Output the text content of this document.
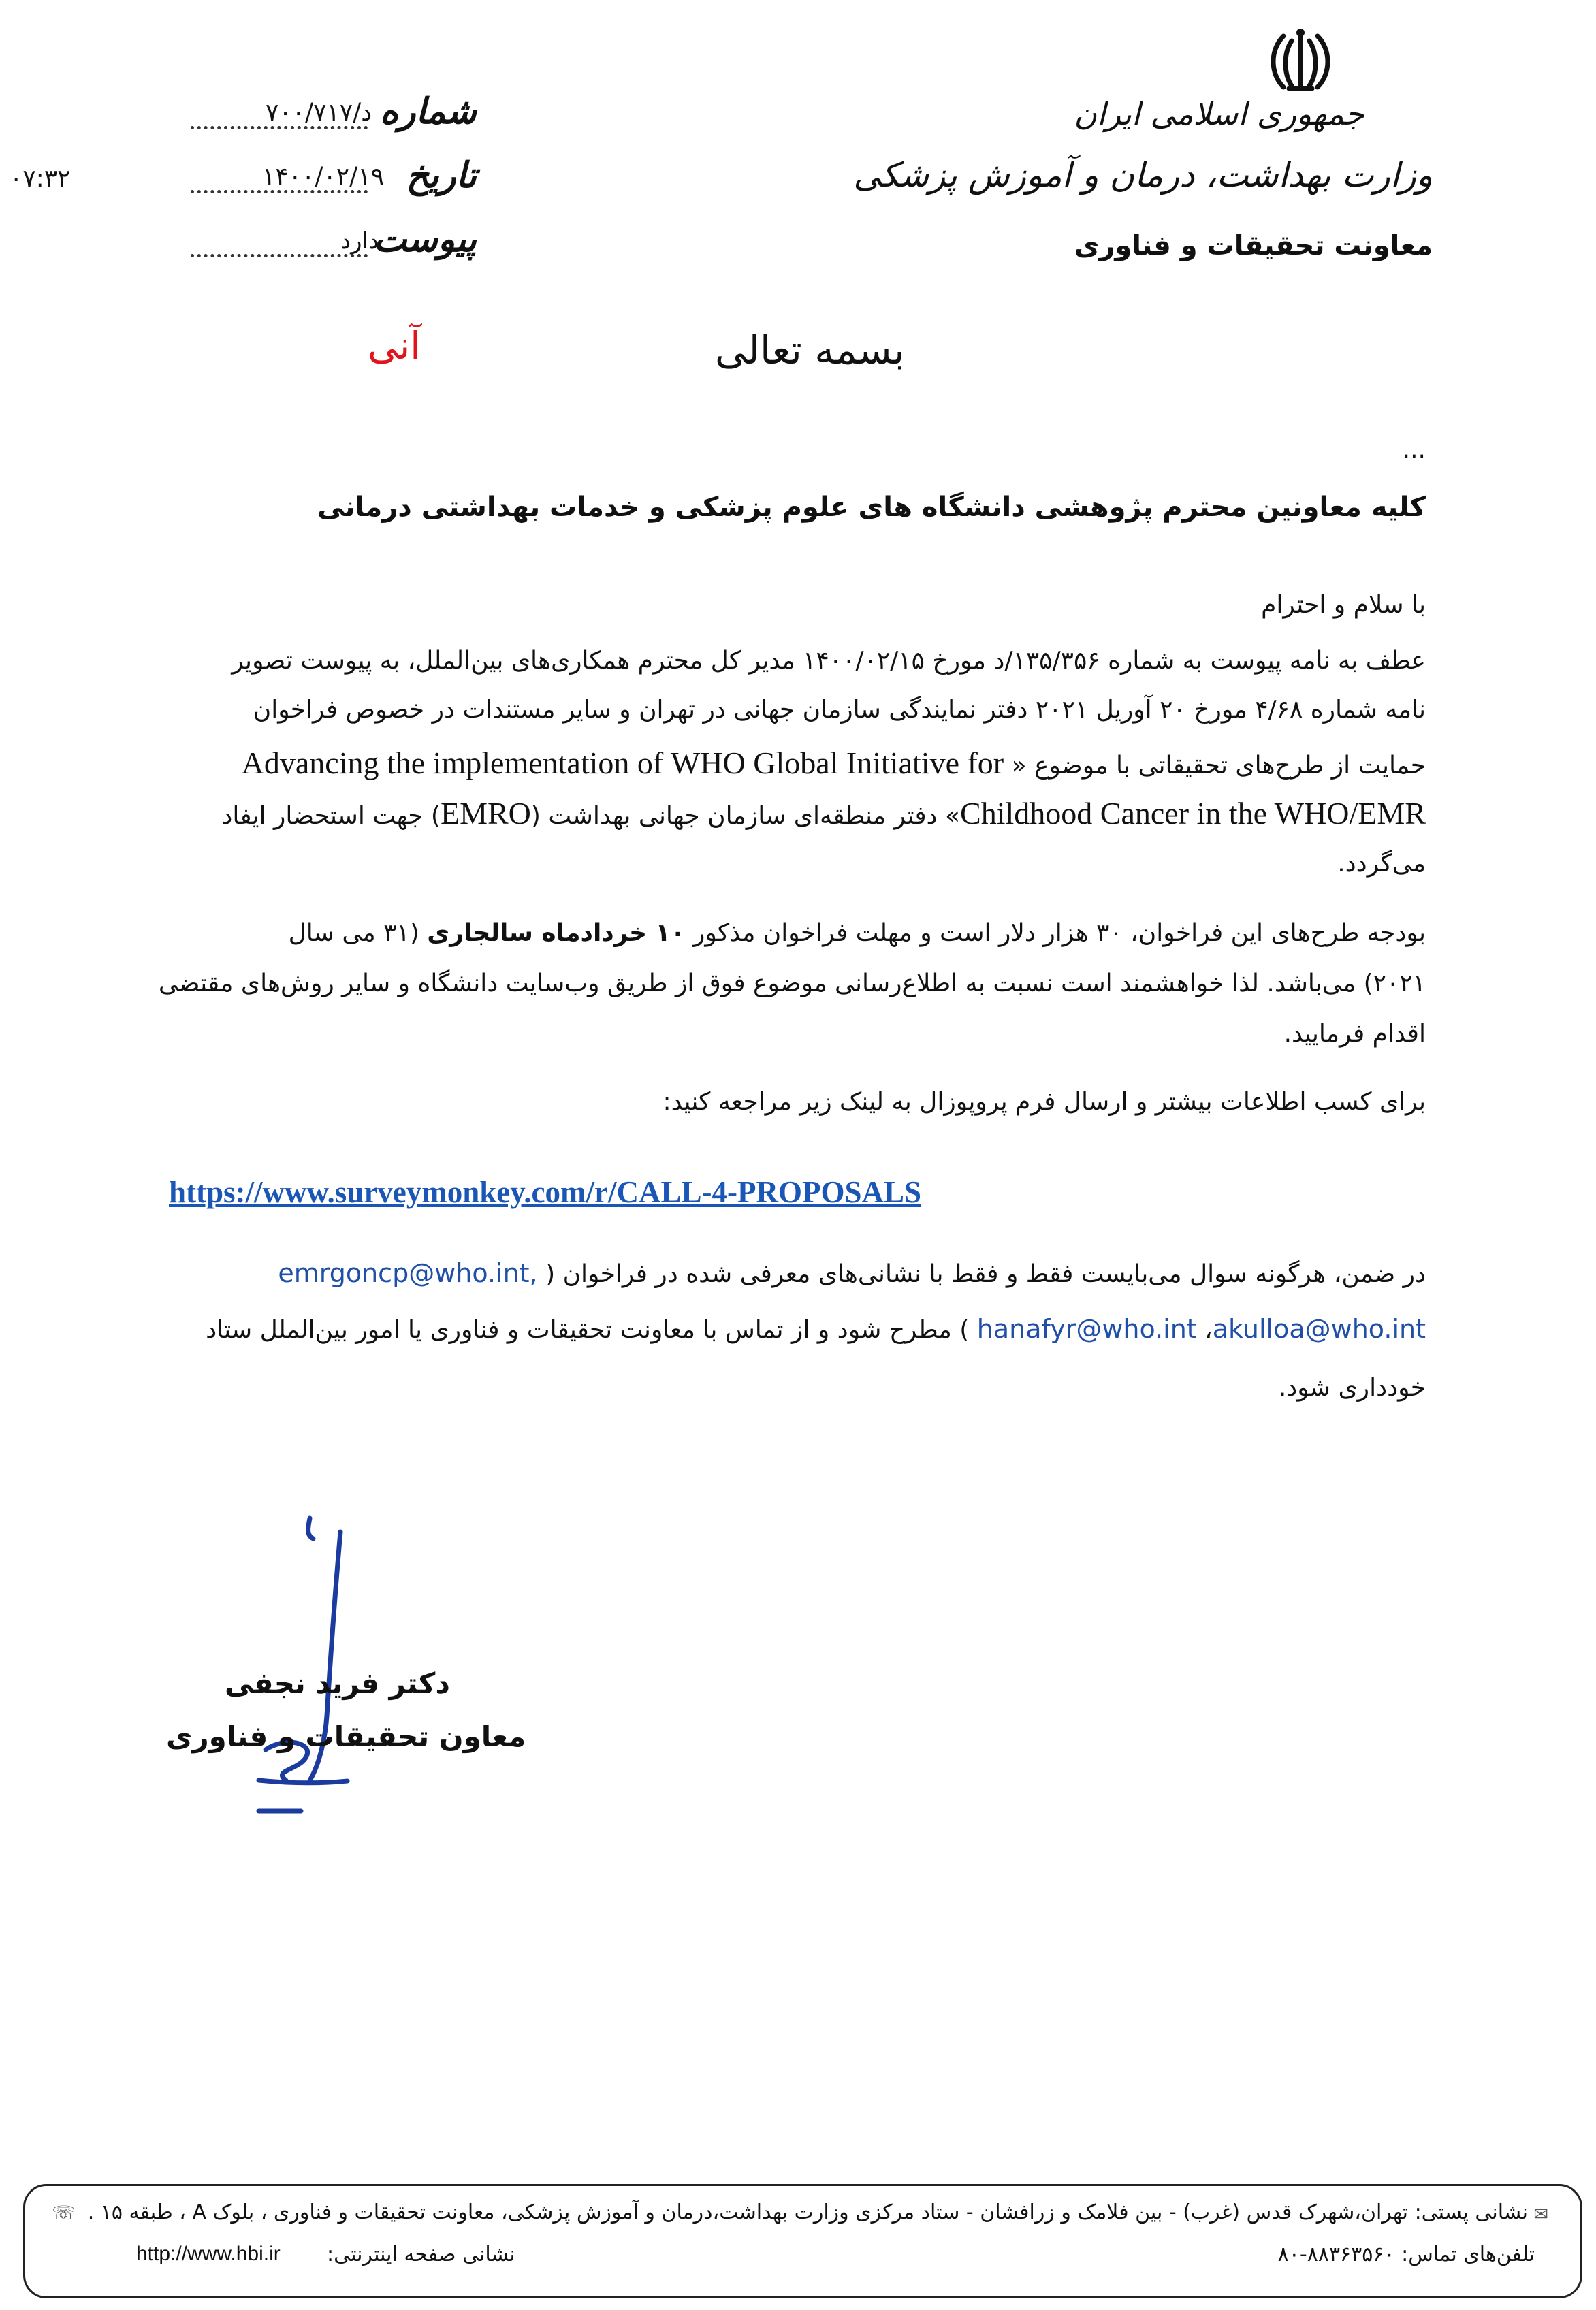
جمهوری اسلامی ایران
وزارت بهداشت، درمان و آموزش پزشکی
معاونت تحقیقات و فناوری
د/۷۰۰/۷۱۷ شماره
۱۴۰۰/۰۲/۱۹ تاریخ
دارد
پیوست
۰۷:۳۲
بسمه تعالی
آنی
...
کلیه معاونین محترم پژوهشی دانشگاه های علوم پزشکی و خدمات بهداشتی درمانی
با سلام و احترام
عطف به نامه پیوست به شماره ۱۳۵/۳۵۶/د مورخ ۱۴۰۰/۰۲/۱۵ مدیر کل محترم همکاری‌های بین‌الملل، به پیوست تصویر
نامه شماره ۴/۶۸ مورخ ۲۰ آوریل ۲۰۲۱ دفتر نمایندگی سازمان جهانی در تهران و سایر مستندات در خصوص فراخوان
حمایت از طرح‌های تحقیقاتی با موضوع « Advancing the implementation of WHO Global Initiative for
Childhood Cancer in the WHO/EMR» دفتر منطقه‌ای سازمان جهانی بهداشت (EMRO) جهت استحضار ایفاد
می‌گردد.
بودجه طرح‌های این فراخوان، ۳۰ هزار دلار است و مهلت فراخوان مذکور ۱۰ خردادماه سالجاری (۳۱ می سال
۲۰۲۱) می‌باشد. لذا خواهشمند است نسبت به اطلاع‌رسانی موضوع فوق از طریق وب‌سایت دانشگاه و سایر روش‌های مقتضی
اقدام فرمایید.
برای کسب اطلاعات بیشتر و ارسال فرم پروپوزال به لینک زیر مراجعه کنید:
https://www.surveymonkey.com/r/CALL-4-PROPOSALS
در ضمن، هرگونه سوال می‌بایست فقط و فقط با نشانی‌های معرفی شده در فراخوان ( emrgoncp@who.int,
akulloa@who.int، hanafyr@who.int ) مطرح شود و از تماس با معاونت تحقیقات و فناوری یا امور بین‌الملل ستاد
خودداری شود.
دکتر فرید نجفی
معاون تحقیقات و فناوری
✉
☏ نشانی پستی: تهران،شهرک قدس (غرب) - بین فلامک و زرافشان - ستاد مرکزی وزارت بهداشت،درمان و آموزش پزشکی، معاونت تحقیقات و فناوری ، بلوک A ، طبقه ۱۵ .
تلفن‌های تماس: ۸۸۳۶۳۵۶۰-۸۰
نشانی صفحه اینترنتی:
http://www.hbi.ir
